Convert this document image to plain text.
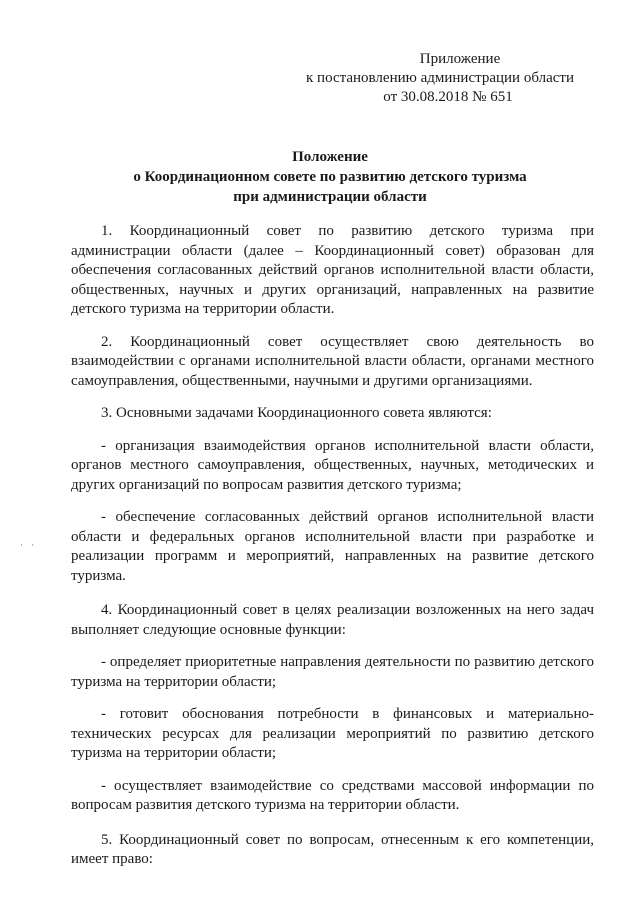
Приложение
к постановлению администрации области
от 30.08.2018 № 651
Положение
о Координационном совете по развитию детского туризма
при администрации области

1. Координационный совет по развитию детского туризма при администрации области (далее – Координационный совет) образован для обеспечения согласованных действий органов исполнительной власти области, общественных, научных и других организаций, направленных на развитие детского туризма на территории области.

2. Координационный совет осуществляет свою деятельность во взаимодействии с органами исполнительной власти области, органами местного самоуправления, общественными, научными и другими организациями.

3. Основными задачами Координационного совета являются:

- организация взаимодействия органов исполнительной власти области, органов местного самоуправления, общественных, научных, методических и других организаций по вопросам развития детского туризма;

- обеспечение согласованных действий органов исполнительной власти области и федеральных органов исполнительной власти при разработке и реализации программ и мероприятий, направленных на развитие детского туризма.

4. Координационный совет в целях реализации возложенных на него задач выполняет следующие основные функции:

- определяет приоритетные направления деятельности по развитию детского туризма на территории области;

- готовит обоснования потребности в финансовых и материально-технических ресурсах для реализации мероприятий по развитию детского туризма на территории области;

- осуществляет взаимодействие со средствами массовой информации по вопросам развития детского туризма на территории области.

5. Координационный совет по вопросам, отнесенным к его компетенции, имеет право:

· ·
